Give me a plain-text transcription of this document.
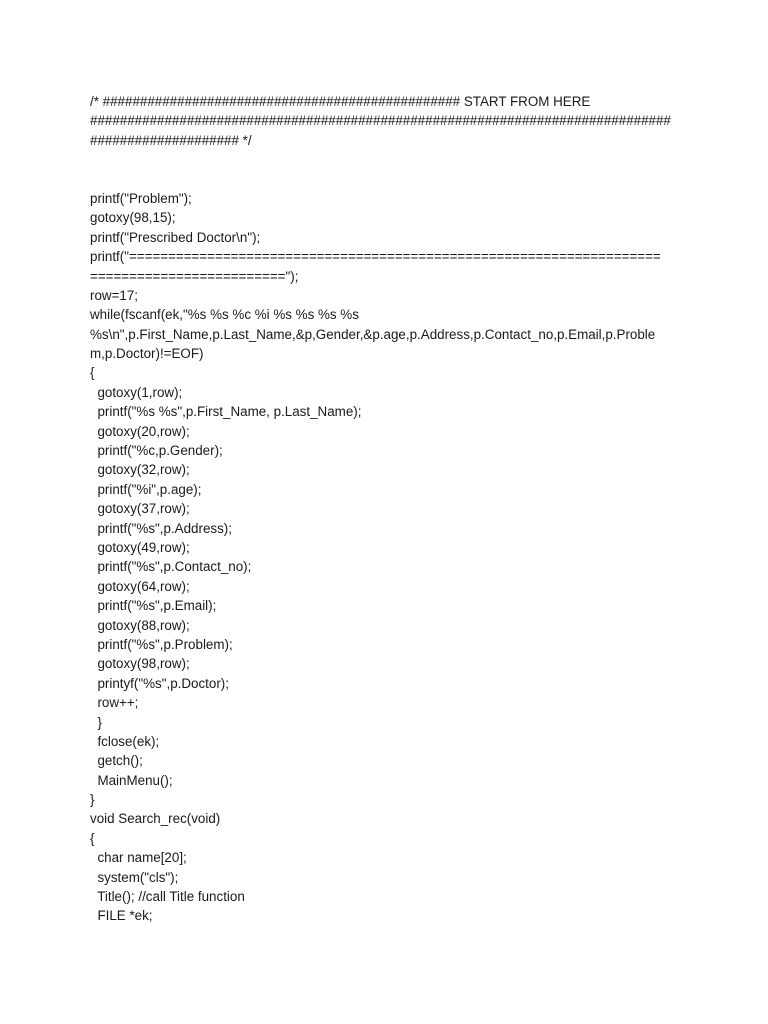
/* ################################################ START FROM HERE
##############################################################################
#################### */
printf("Problem");
gotoxy(98,15);
printf("Prescribed Doctor\n");
printf("====================================================================
=========================");
row=17;
while(fscanf(ek,"%s %s %c %i %s %s %s %s
%s\n",p.First_Name,p.Last_Name,&p,Gender,&p.age,p.Address,p.Contact_no,p.Email,p.Proble
m,p.Doctor)!=EOF)
{
gotoxy(1,row);
printf("%s %s",p.First_Name, p.Last_Name);
gotoxy(20,row);
printf("%c,p.Gender);
gotoxy(32,row);
printf("%i",p.age);
gotoxy(37,row);
printf("%s",p.Address);
gotoxy(49,row);
printf("%s",p.Contact_no);
gotoxy(64,row);
printf("%s",p.Email);
gotoxy(88,row);
printf("%s",p.Problem);
gotoxy(98,row);
printyf("%s",p.Doctor);
row++;
}
fclose(ek);
getch();
MainMenu();
}
void Search_rec(void)
{
char name[20];
system("cls");
Title(); //call Title function
FILE *ek;
